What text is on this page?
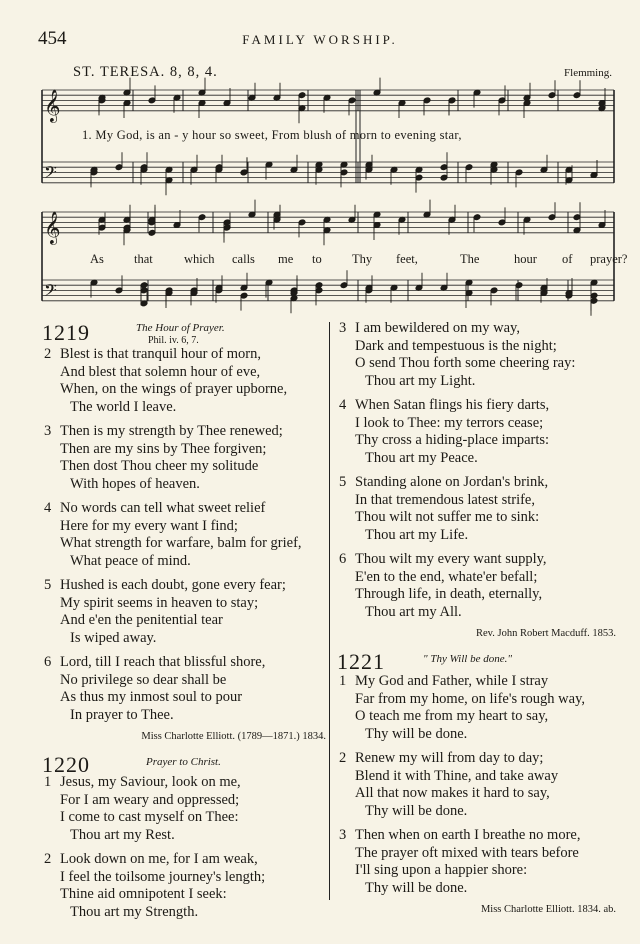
454	FAMILY WORSHIP.
ST. TERESA. 8, 8, 4.	Flemming.
𝄞
𝄢
𝄞
𝄢
1. My God, is an - y hour so sweet, From blush of morn to evening star,
As that	which calls me to Thy feet,	The	hour of prayer?
1219	The Hour of Prayer.
Phil. iv. 6, 7.
2 Blest is that tranquil hour of morn,
And blest that solemn hour of eve,
When, on the wings of prayer upborne,
The world I leave.
3 Then is my strength by Thee renewed;
Then are my sins by Thee forgiven;
Then dost Thou cheer my solitude
With hopes of heaven.
4 No words can tell what sweet relief
Here for my every want I find;
What strength for warfare, balm for grief,
What peace of mind.
5 Hushed is each doubt, gone every fear;
My spirit seems in heaven to stay;
And e'en the penitential tear
Is wiped away.
6 Lord, till I reach that blissful shore,
No privilege so dear shall be
As thus my inmost soul to pour
In prayer to Thee.
Miss Charlotte Elliott. (1789—1871.) 1834.
1220	Prayer to Christ.
1 Jesus, my Saviour, look on me,
For I am weary and oppressed;
I come to cast myself on Thee:
Thou art my Rest.
2 Look down on me, for I am weak,
I feel the toilsome journey's length;
Thine aid omnipotent I seek:
Thou art my Strength.
3 I am bewildered on my way,
Dark and tempestuous is the night;
O send Thou forth some cheering ray:
Thou art my Light.
4 When Satan flings his fiery darts,
I look to Thee: my terrors cease;
Thy cross a hiding-place imparts:
Thou art my Peace.
5 Standing alone on Jordan's brink,
In that tremendous latest strife,
Thou wilt not suffer me to sink:
Thou art my Life.
6 Thou wilt my every want supply,
E'en to the end, whate'er befall;
Through life, in death, eternally,
Thou art my All.
Rev. John Robert Macduff. 1853.
1221	" Thy Will be done."
1 My God and Father, while I stray
Far from my home, on life's rough way,
O teach me from my heart to say,
Thy will be done.
2 Renew my will from day to day;
Blend it with Thine, and take away
All that now makes it hard to say,
Thy will be done.
3 Then when on earth I breathe no more,
The prayer oft mixed with tears before
I'll sing upon a happier shore:
Thy will be done.
Miss Charlotte Elliott. 1834. ab.
